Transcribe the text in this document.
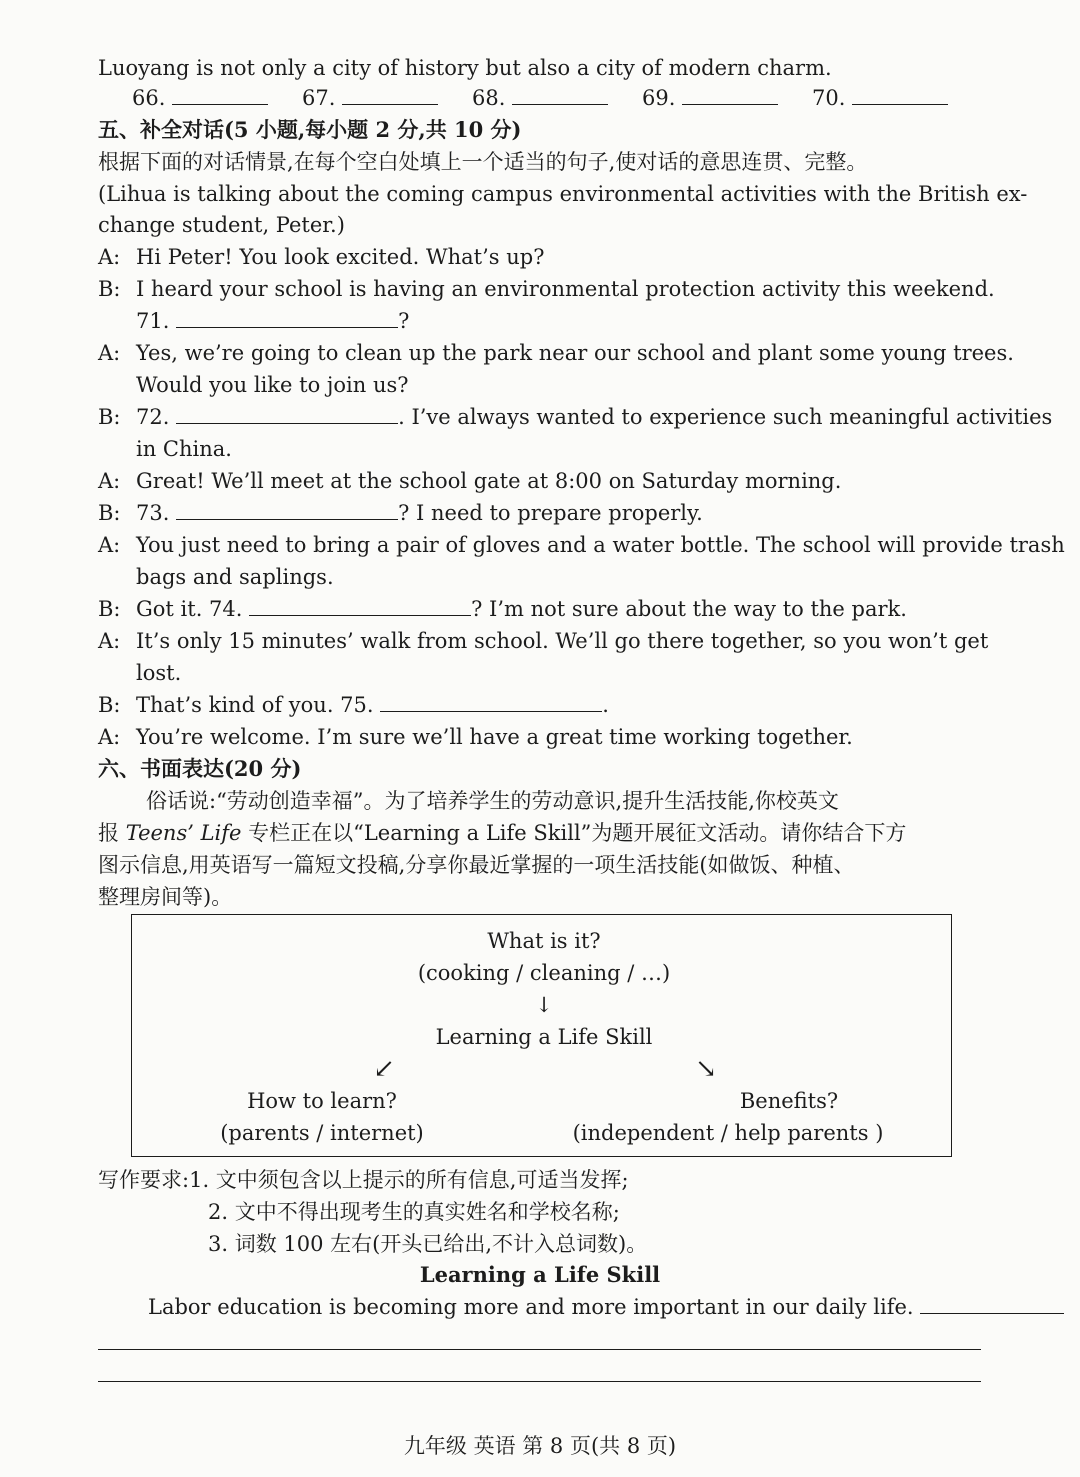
Luoyang is not only a city of history but also a city of modern charm.
66.	67.	68.	69.	70.
五、补全对话(5 小题,每小题 2 分,共 10 分)
根据下面的对话情景,在每个空白处填上一个适当的句子,使对话的意思连贯、完整。
(Lihua is talking about the coming campus environmental activities with the British ex-
change student, Peter.)
A: Hi Peter! You look excited. What’s up?
B: I heard your school is having an environmental protection activity this weekend.
71.	?
A: Yes, we’re going to clean up the park near our school and plant some young trees.
Would you like to join us?
B: 72.	. I’ve always wanted to experience such meaningful activities
in China.
A: Great! We’ll meet at the school gate at 8:00 on Saturday morning.
B: 73.	? I need to prepare properly.
A: You just need to bring a pair of gloves and a water bottle. The school will provide trash
bags and saplings.
B: Got it. 74.	? I’m not sure about the way to the park.
A: It’s only 15 minutes’ walk from school. We’ll go there together, so you won’t get
lost.
B: That’s kind of you. 75.	.
A: You’re welcome. I’m sure we’ll have a great time working together.
六、书面表达(20 分)
俗话说:“劳动创造幸福”。为了培养学生的劳动意识,提升生活技能,你校英文
报 Teens’ Life 专栏正在以“Learning a Life Skill”为题开展征文活动。请你结合下方
图示信息,用英语写一篇短文投稿,分享你最近掌握的一项生活技能(如做饭、种植、
整理房间等)。
What is it?
(cooking / cleaning / …)
↓
Learning a Life Skill
↙	↘
How to learn?
(parents / internet)
Benefits?
(independent / help parents )
写作要求:1. 文中须包含以上提示的所有信息,可适当发挥;
2. 文中不得出现考生的真实姓名和学校名称;
3. 词数 100 左右(开头已给出,不计入总词数)。
Learning a Life Skill
Labor education is becoming more and more important in our daily life.
九年级 英语 第 8 页(共 8 页)
